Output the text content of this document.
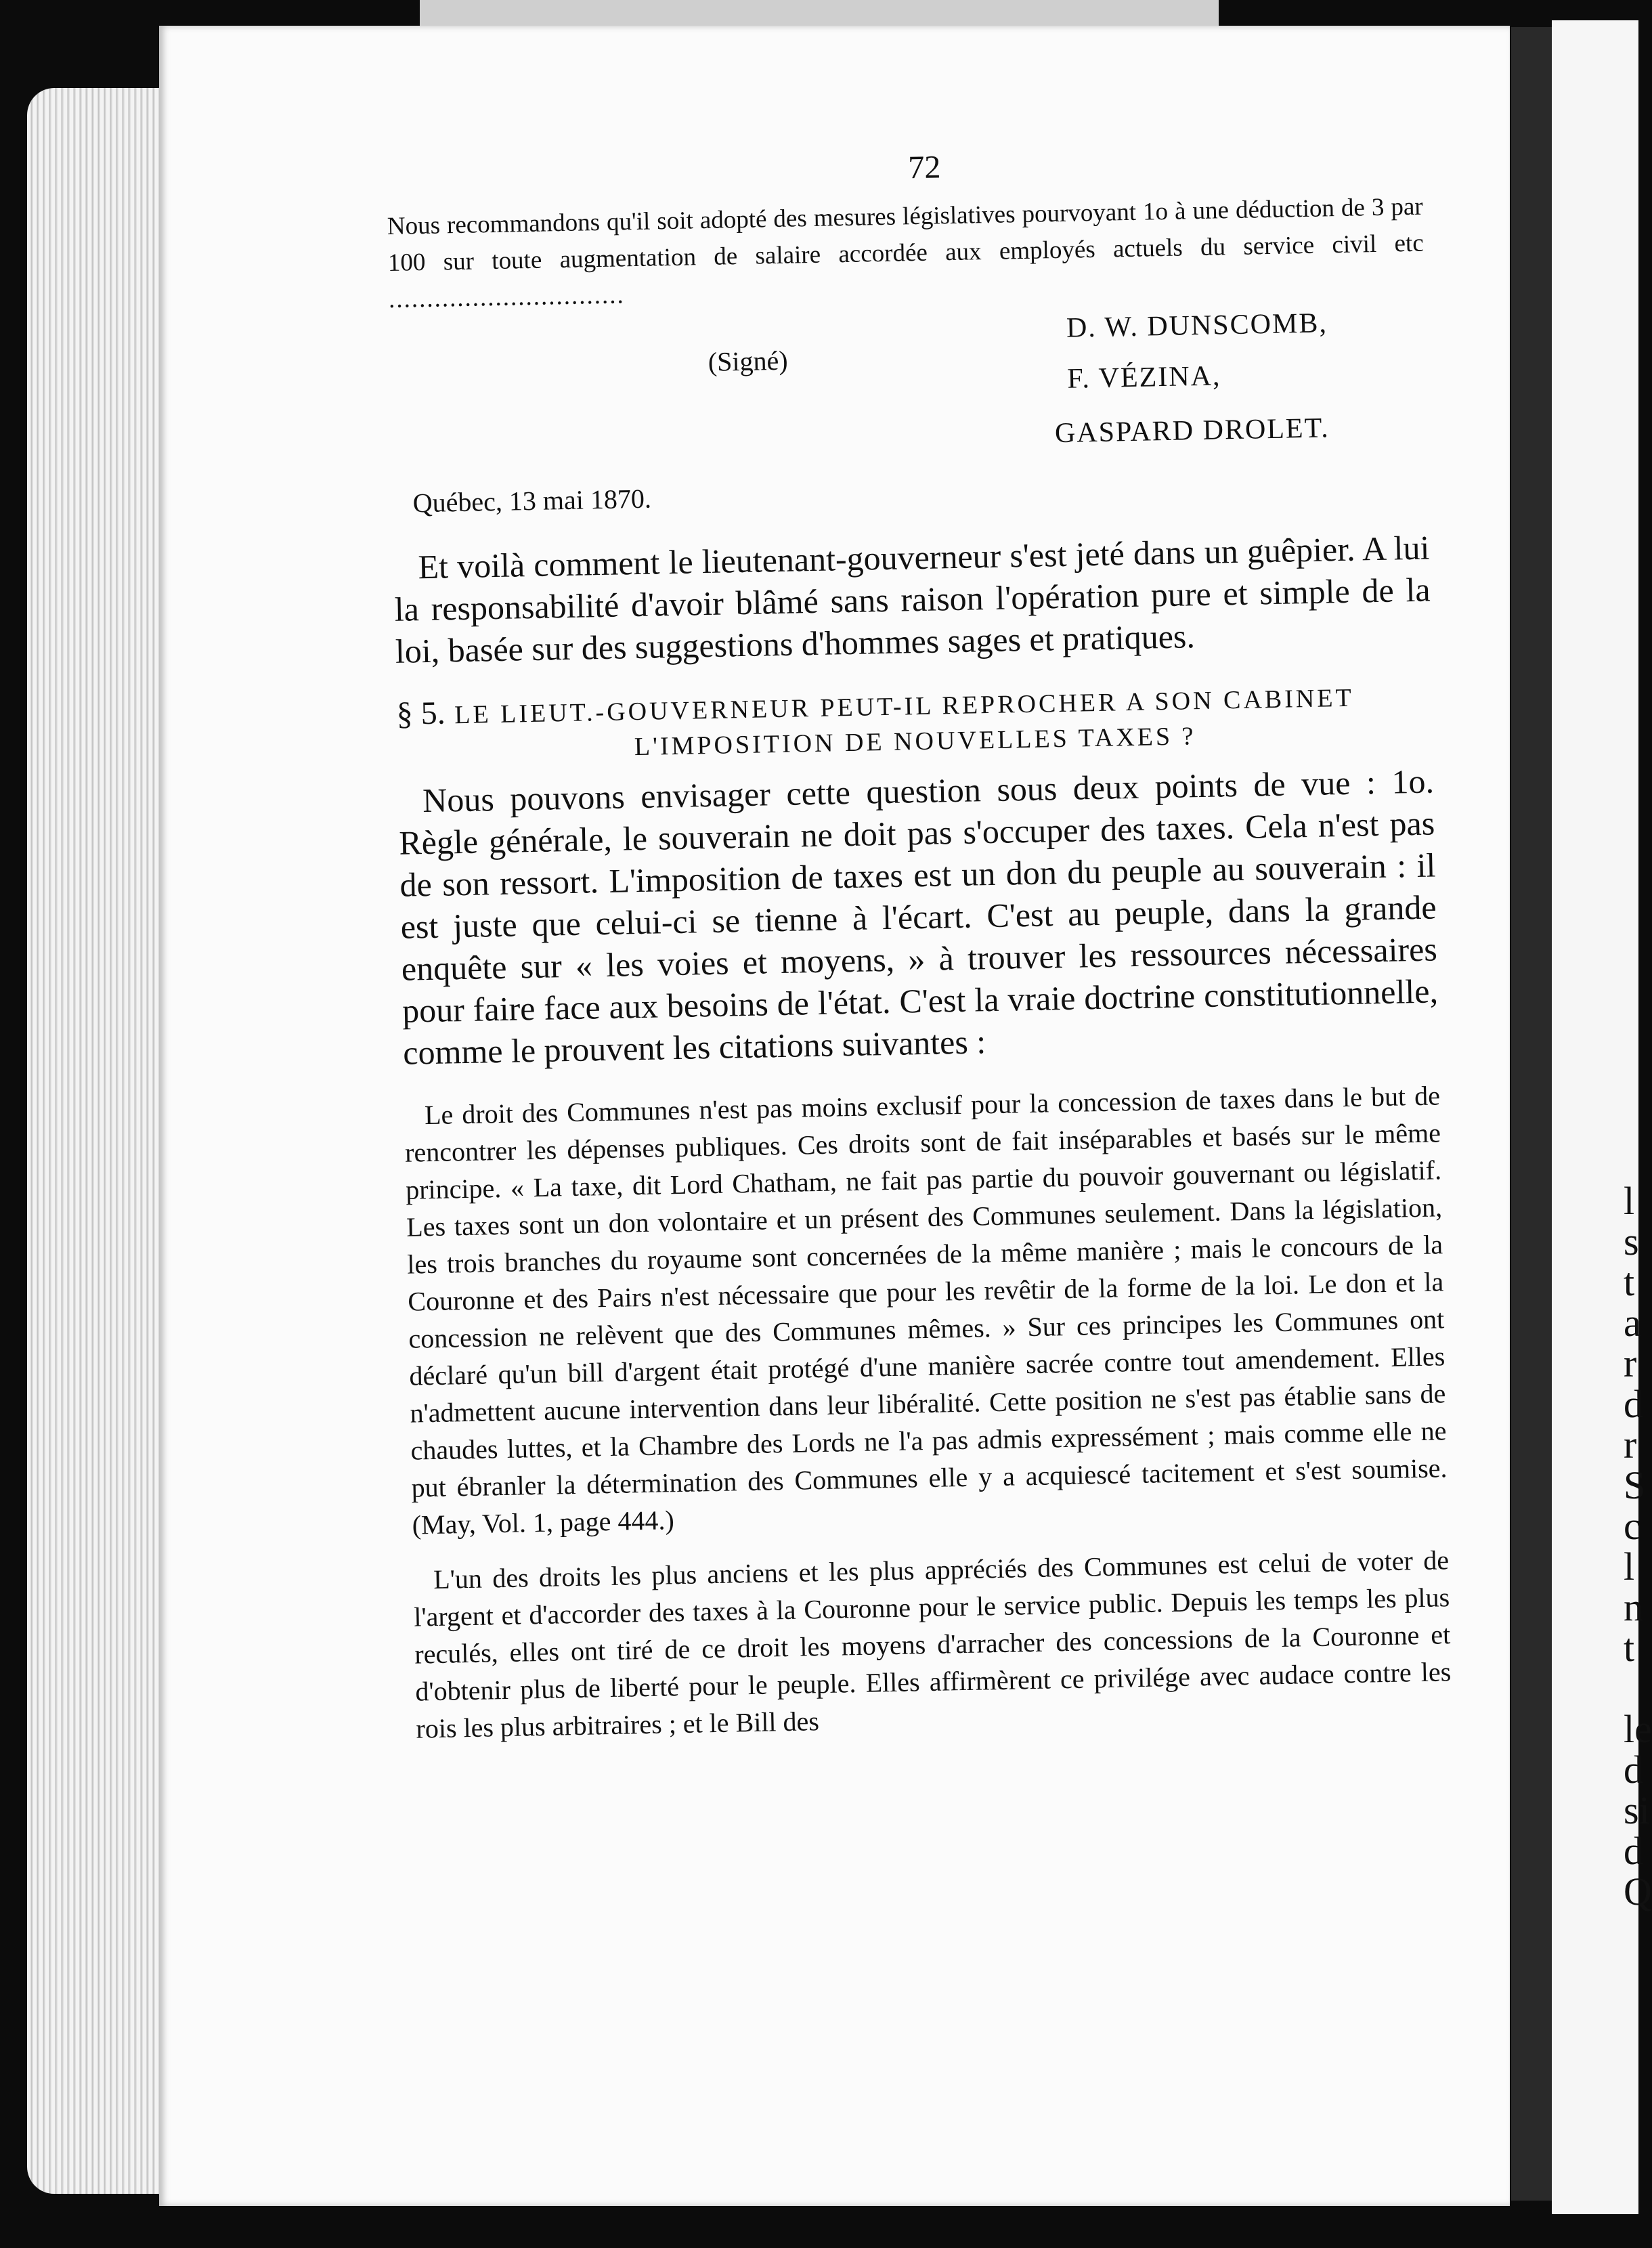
l
s
t
a
r
d
r
S
c
l
n
t
le
d
si
d
Q
72

Nous recommandons qu'il soit adopté des mesures législatives pourvoyant 1o à une déduction de 3 par 100 sur toute augmentation de salaire accordée aux employés actuels du service civil etc .....

(Signé)
D. W. DUNSCOMB,
F. VÉZINA,
GASPARD DROLET.
Québec, 13 mai 1870.

Et voilà comment le lieutenant-gouverneur s'est jeté dans un guêpier. A lui la responsabilité d'avoir blâmé sans raison l'opération pure et simple de la loi, basée sur des suggestions d'hommes sages et pratiques.

§ 5. LE LIEUT.-GOUVERNEUR PEUT-IL REPROCHER A SON CABINET
L'IMPOSITION DE NOUVELLES TAXES ?

Nous pouvons envisager cette question sous deux points de vue : 1o. Règle générale, le souverain ne doit pas s'occuper des taxes. Cela n'est pas de son ressort. L'imposition de taxes est un don du peuple au souverain : il est juste que celui-ci se tienne à l'écart. C'est au peuple, dans la grande enquête sur « les voies et moyens, » à trouver les ressources nécessaires pour faire face aux besoins de l'état. C'est la vraie doctrine constitutionnelle, comme le prouvent les citations suivantes :

Le droit des Communes n'est pas moins exclusif pour la concession de taxes dans le but de rencontrer les dépenses publiques. Ces droits sont de fait inséparables et basés sur le même principe. « La taxe, dit Lord Chatham, ne fait pas partie du pouvoir gouvernant ou législatif. Les taxes sont un don volontaire et un présent des Communes seulement. Dans la législation, les trois branches du royaume sont concernées de la même manière ; mais le concours de la Couronne et des Pairs n'est nécessaire que pour les revêtir de la forme de la loi. Le don et la concession ne relèvent que des Communes mêmes. » Sur ces principes les Communes ont déclaré qu'un bill d'argent était protégé d'une manière sacrée contre tout amendement. Elles n'admettent aucune intervention dans leur libéralité. Cette position ne s'est pas établie sans de chaudes luttes, et la Chambre des Lords ne l'a pas admis expressément ; mais comme elle ne put ébranler la détermination des Communes elle y a acquiescé tacitement et s'est soumise. (May, Vol. 1, page 444.)

L'un des droits les plus anciens et les plus appréciés des Communes est celui de voter de l'argent et d'accorder des taxes à la Couronne pour le service public. Depuis les temps les plus reculés, elles ont tiré de ce droit les moyens d'arracher des concessions de la Couronne et d'obtenir plus de liberté pour le peuple. Elles affirmèrent ce privilége avec audace contre les rois les plus arbitraires ; et le Bill des
